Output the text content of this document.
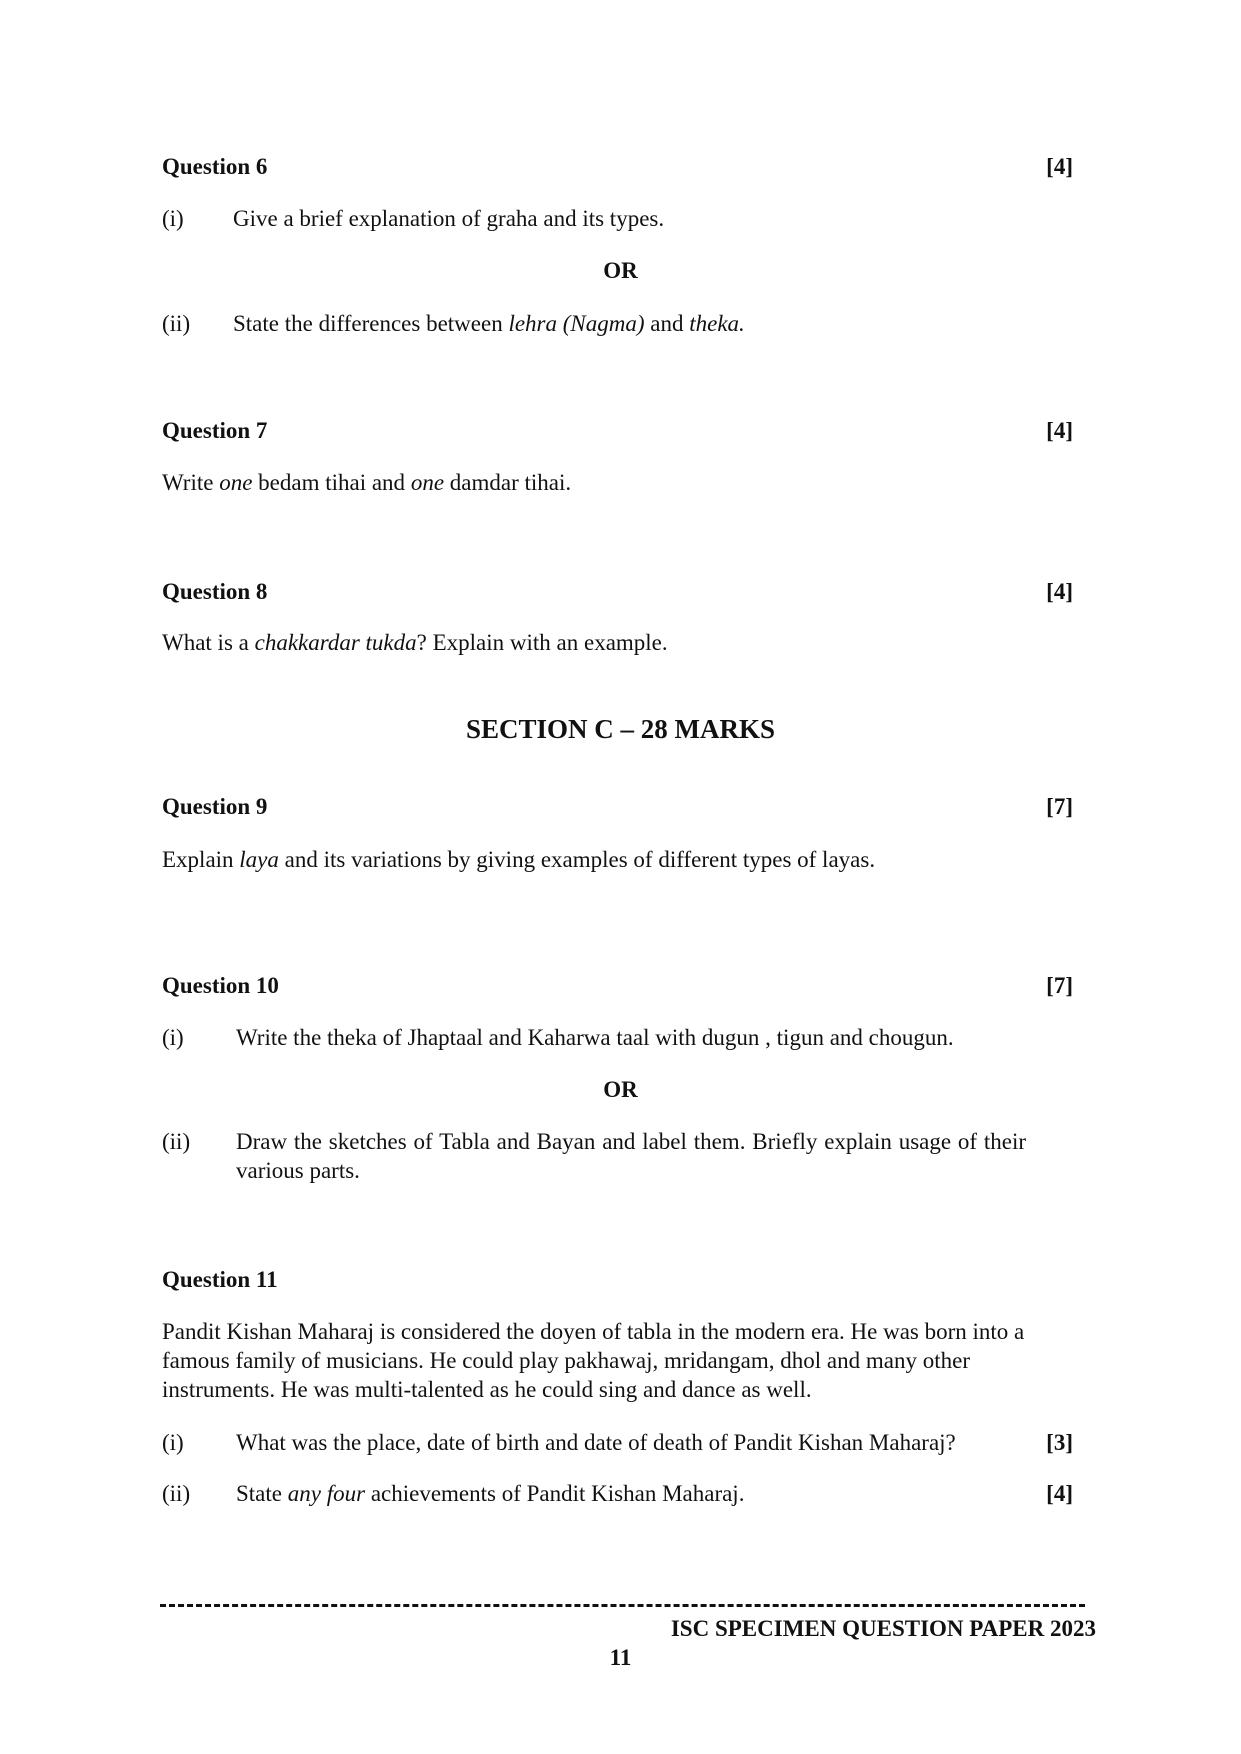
Question 6	[4]
(i) Give a brief explanation of graha and its types.
OR
(ii) State the differences between lehra (Nagma) and theka.
Question 7	[4]
Write one bedam tihai and one damdar tihai.
Question 8	[4]
What is a chakkardar tukda? Explain with an example.
SECTION C – 28 MARKS
Question 9	[7]
Explain laya and its variations by giving examples of different types of layas.
Question 10	[7]
(i) Write the theka of Jhaptaal and Kaharwa taal with dugun , tigun and chougun.
OR
(ii) Draw the sketches of Tabla and Bayan and label them. Briefly explain usage of their various parts.
Question 11
Pandit Kishan Maharaj is considered the doyen of tabla in the modern era. He was born into a famous family of musicians. He could play pakhawaj, mridangam, dhol and many other instruments. He was multi-talented as he could sing and dance as well.
(i) What was the place, date of birth and date of death of Pandit Kishan Maharaj?	[3]
(ii) State any four achievements of Pandit Kishan Maharaj.	[4]
ISC SPECIMEN QUESTION PAPER 2023
11
